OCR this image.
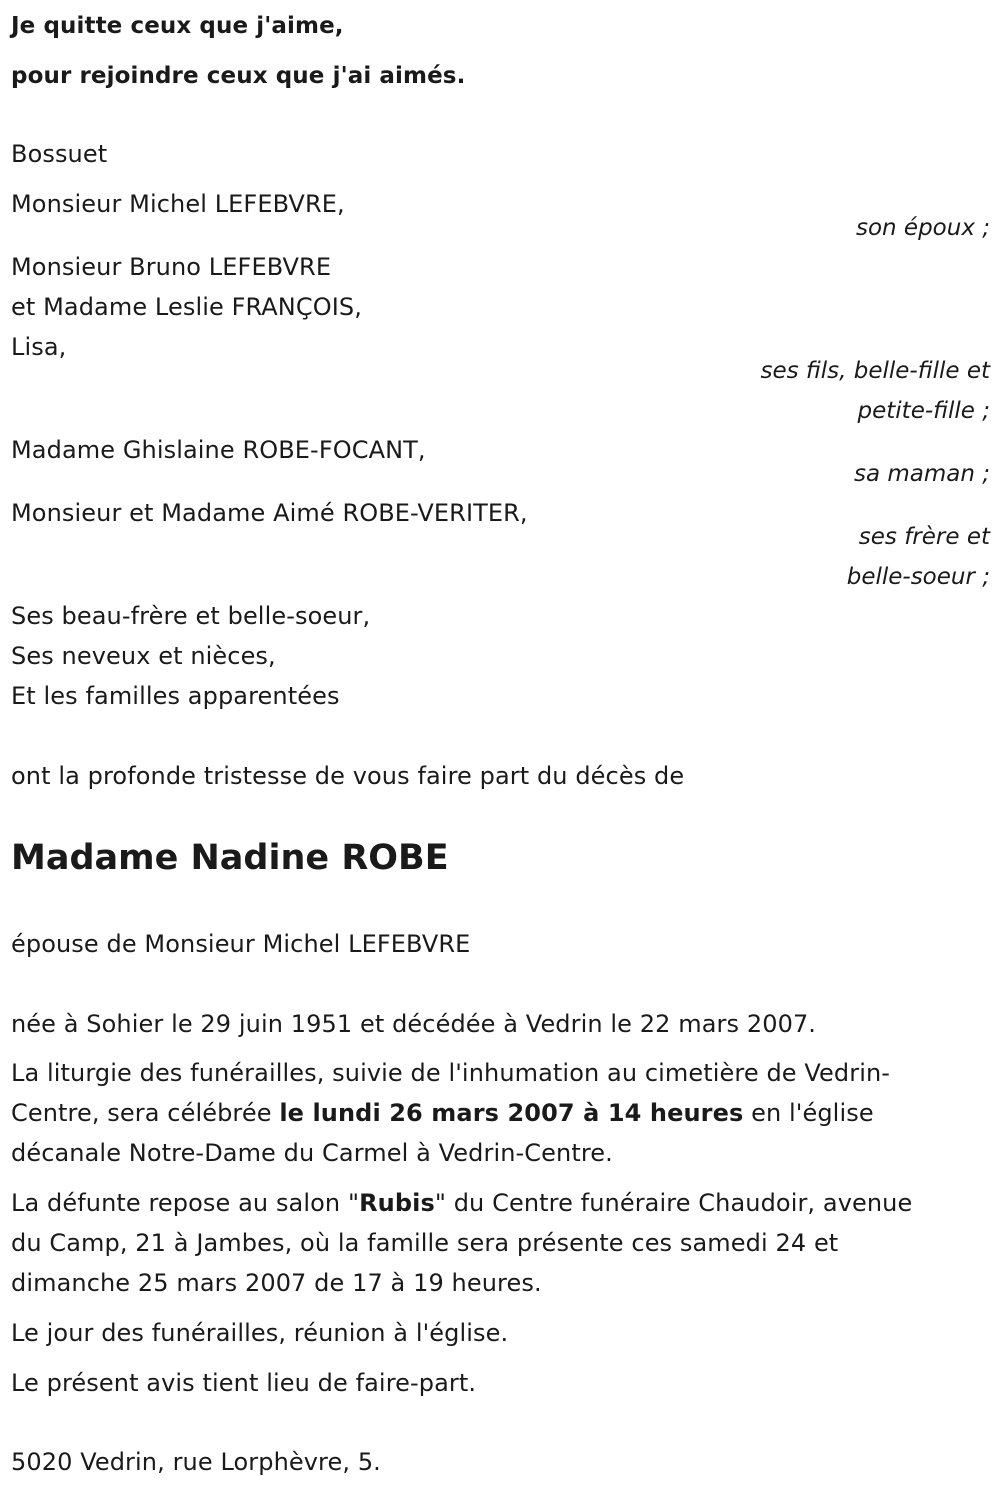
Je quitte ceux que j'aime,
pour rejoindre ceux que j'ai aimés.
Bossuet
Monsieur Michel LEFEBVRE,
son époux ;
Monsieur Bruno LEFEBVRE
et Madame Leslie FRANÇOIS,
Lisa,
ses fils, belle-fille et
petite-fille ;
Madame Ghislaine ROBE-FOCANT,
sa maman ;
Monsieur et Madame Aimé ROBE-VERITER,
ses frère et
belle-soeur ;
Ses beau-frère et belle-soeur,
Ses neveux et nièces,
Et les familles apparentées
ont la profonde tristesse de vous faire part du décès de
Madame Nadine ROBE
épouse de Monsieur Michel LEFEBVRE
née à Sohier le 29 juin 1951 et décédée à Vedrin le 22 mars 2007.
La liturgie des funérailles, suivie de l'inhumation au cimetière de Vedrin-
Centre, sera célébrée le lundi 26 mars 2007 à 14 heures en l'église
décanale Notre-Dame du Carmel à Vedrin-Centre.
La défunte repose au salon "Rubis" du Centre funéraire Chaudoir, avenue
du Camp, 21 à Jambes, où la famille sera présente ces samedi 24 et
dimanche 25 mars 2007 de 17 à 19 heures.
Le jour des funérailles, réunion à l'église.
Le présent avis tient lieu de faire-part.
5020 Vedrin, rue Lorphèvre, 5.
